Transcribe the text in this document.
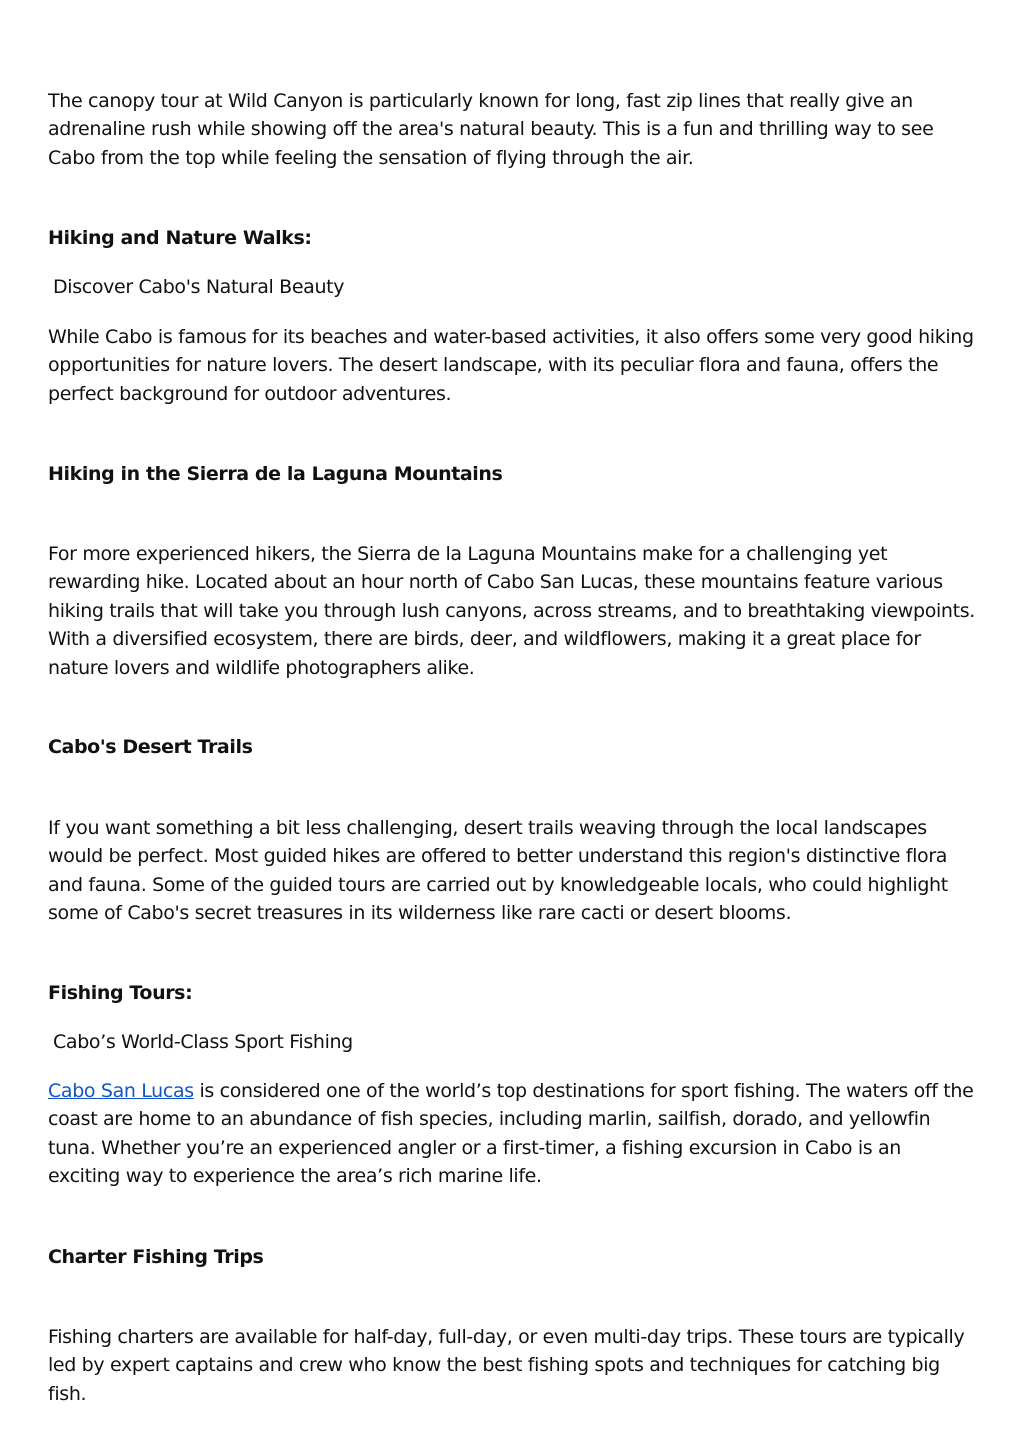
The canopy tour at Wild Canyon is particularly known for long, fast zip lines that really give an adrenaline rush while showing off the area's natural beauty. This is a fun and thrilling way to see Cabo from the top while feeling the sensation of flying through the air.

Hiking and Nature Walks:

Discover Cabo's Natural Beauty

While Cabo is famous for its beaches and water-based activities, it also offers some very good hiking opportunities for nature lovers. The desert landscape, with its peculiar flora and fauna, offers the perfect background for outdoor adventures.

Hiking in the Sierra de la Laguna Mountains

For more experienced hikers, the Sierra de la Laguna Mountains make for a challenging yet rewarding hike. Located about an hour north of Cabo San Lucas, these mountains feature various hiking trails that will take you through lush canyons, across streams, and to breathtaking viewpoints. With a diversified ecosystem, there are birds, deer, and wildflowers, making it a great place for nature lovers and wildlife photographers alike.

Cabo's Desert Trails

If you want something a bit less challenging, desert trails weaving through the local landscapes would be perfect. Most guided hikes are offered to better understand this region's distinctive flora and fauna. Some of the guided tours are carried out by knowledgeable locals, who could highlight some of Cabo's secret treasures in its wilderness like rare cacti or desert blooms.

Fishing Tours:

Cabo’s World-Class Sport Fishing

Cabo San Lucas is considered one of the world’s top destinations for sport fishing. The waters off the coast are home to an abundance of fish species, including marlin, sailfish, dorado, and yellowfin tuna. Whether you’re an experienced angler or a first-timer, a fishing excursion in Cabo is an exciting way to experience the area’s rich marine life.

Charter Fishing Trips

Fishing charters are available for half-day, full-day, or even multi-day trips. These tours are typically led by expert captains and crew who know the best fishing spots and techniques for catching big fish.
